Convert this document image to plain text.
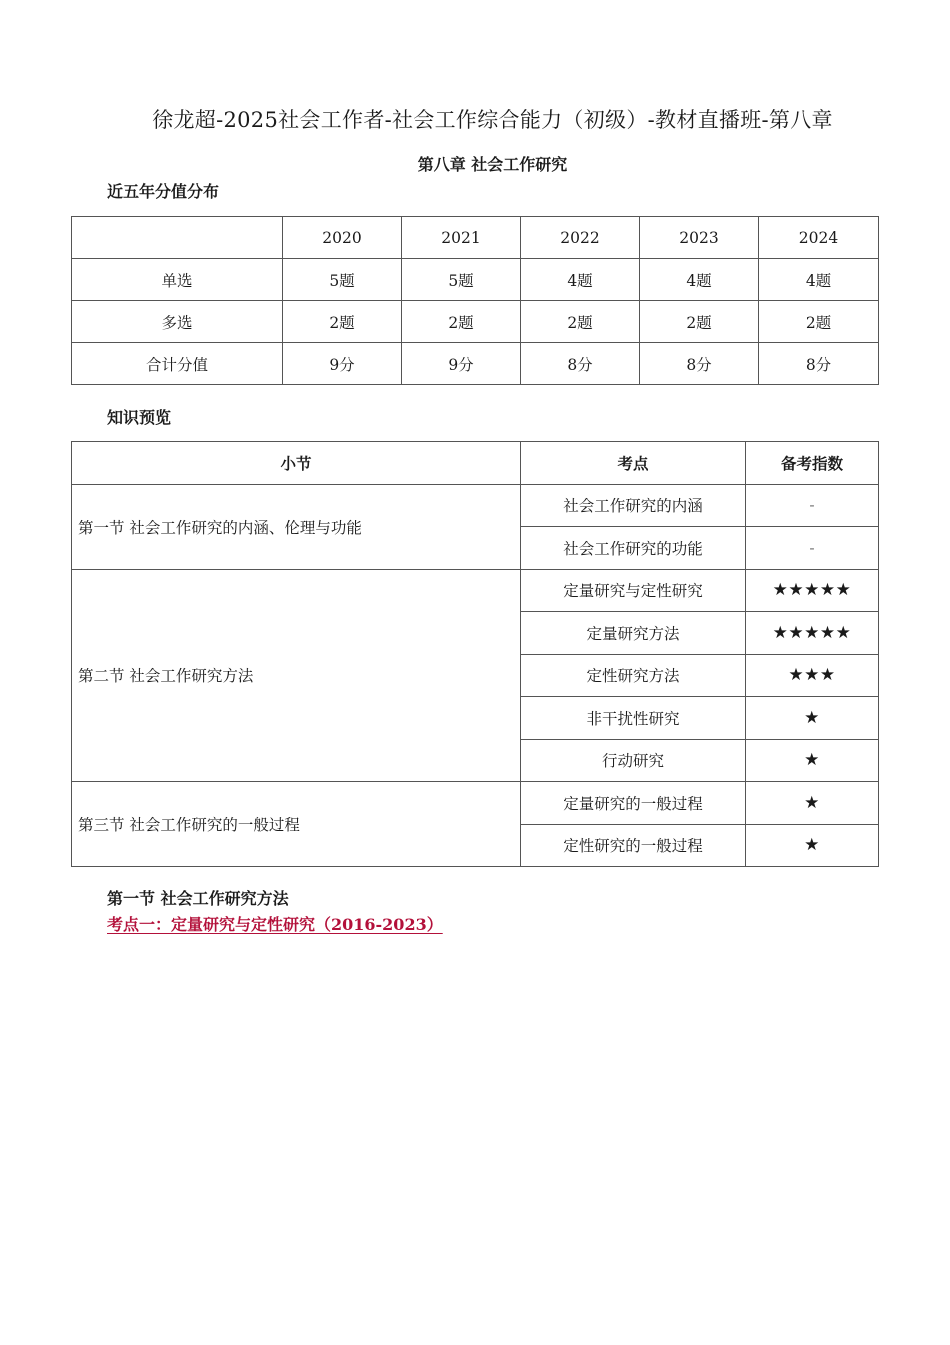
徐龙超-2025社会工作者-社会工作综合能力（初级）-教材直播班-第八章
第八章 社会工作研究
近五年分值分布
	2020	2021	2022	2023	2024
单选	5题	5题	4题	4题	4题
多选	2题	2题	2题	2题	2题
合计分值	9分	9分	8分	8分	8分
知识预览
小节	考点	备考指数
第一节 社会工作研究的内涵、伦理与功能	社会工作研究的内涵	-
	社会工作研究的功能	-
第二节 社会工作研究方法	定量研究与定性研究	★★★★★
	定量研究方法	★★★★★
	定性研究方法	★★★
	非干扰性研究	★
	行动研究	★
第三节 社会工作研究的一般过程	定量研究的一般过程	★
	定性研究的一般过程	★
第一节 社会工作研究方法
考点一：定量研究与定性研究（2016-2023）
